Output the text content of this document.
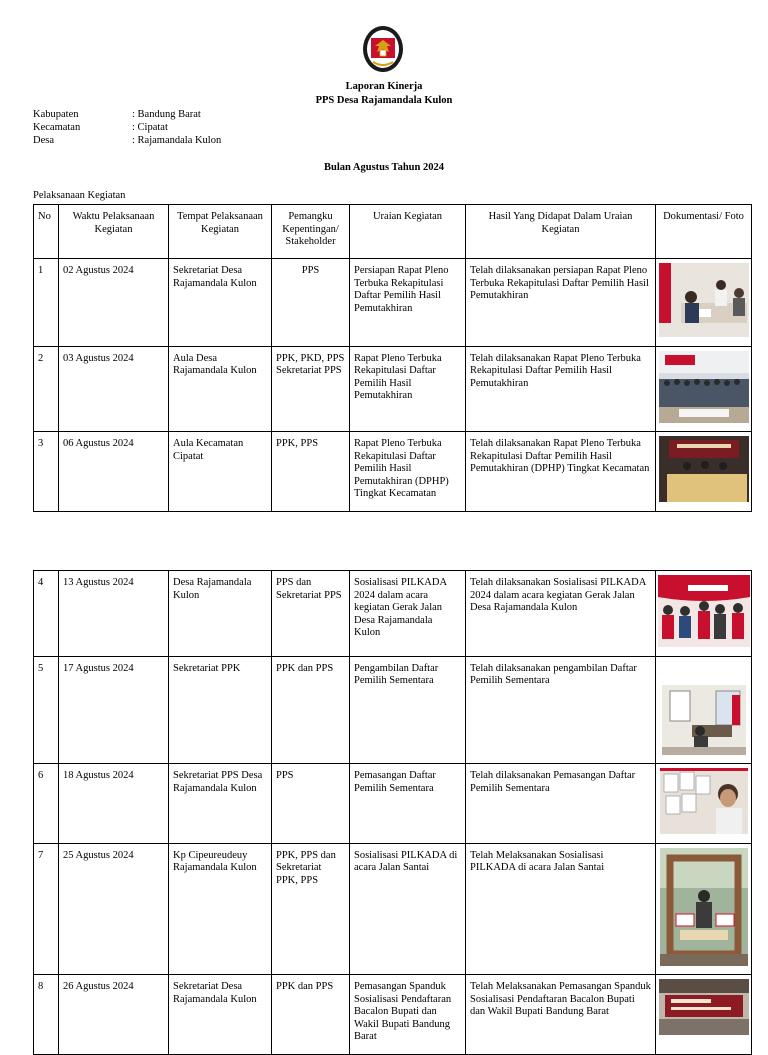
Laporan Kinerja
PPS Desa Rajamandala Kulon
Kabupaten	: Bandung Barat
Kecamatan	: Cipatat
Desa	: Rajamandala Kulon
Bulan Agustus Tahun 2024
Pelaksanaan Kegiatan
No	Waktu Pelaksanaan Kegiatan	Tempat Pelaksanaan Kegiatan	Pemangku Kepentingan/ Stakeholder	Uraian Kegiatan	Hasil Yang Didapat Dalam Uraian Kegiatan	Dokumentasi/ Foto
1	02 Agustus 2024	Sekretariat Desa Rajamandala Kulon	PPS	Persiapan Rapat Pleno Terbuka Rekapitulasi Daftar Pemilih Hasil Pemutakhiran	Telah dilaksanakan persiapan Rapat Pleno Terbuka Rekapitulasi Daftar Pemilih Hasil Pemutakhiran	
2	03 Agustus 2024	Aula Desa Rajamandala Kulon	PPK, PKD, PPS Sekretariat PPS	Rapat Pleno Terbuka Rekapitulasi Daftar Pemilih Hasil Pemutakhiran	Telah dilaksanakan Rapat Pleno Terbuka Rekapitulasi Daftar Pemilih Hasil Pemutakhiran	
3	06 Agustus 2024	Aula Kecamatan Cipatat	PPK, PPS	Rapat Pleno Terbuka Rekapitulasi Daftar Pemilih Hasil Pemutakhiran (DPHP) Tingkat Kecamatan	Telah dilaksanakan Rapat Pleno Terbuka Rekapitulasi Daftar Pemilih Hasil Pemutakhiran (DPHP) Tingkat Kecamatan	
4	13 Agustus 2024	Desa Rajamandala Kulon	PPS dan Sekretariat PPS	Sosialisasi PILKADA 2024 dalam acara kegiatan Gerak Jalan Desa Rajamandala Kulon	Telah dilaksanakan Sosialisasi PILKADA 2024 dalam acara kegiatan Gerak Jalan Desa Rajamandala Kulon	
5	17 Agustus 2024	Sekretariat PPK	PPK dan PPS	Pengambilan Daftar Pemilih Sementara	Telah dilaksanakan pengambilan Daftar Pemilih Sementara	
6	18 Agustus 2024	Sekretariat PPS Desa Rajamandala Kulon	PPS	Pemasangan Daftar Pemilih Sementara	Telah dilaksanakan Pemasangan Daftar Pemilih Sementara	
7	25 Agustus 2024	Kp Cipeureudeuy Rajamandala Kulon	PPK, PPS dan Sekretariat PPK, PPS	Sosialisasi PILKADA di acara Jalan Santai	Telah Melaksanakan Sosialisasi PILKADA di acara Jalan Santai	
8	26 Agustus 2024	Sekretariat Desa Rajamandala Kulon	PPK dan PPS	Pemasangan Spanduk Sosialisasi Pendaftaran Bacalon Bupati dan Wakil Bupati Bandung Barat	Telah Melaksanakan Pemasangan Spanduk Sosialisasi Pendaftaran Bacalon Bupati dan Wakil Bupati Bandung Barat	
